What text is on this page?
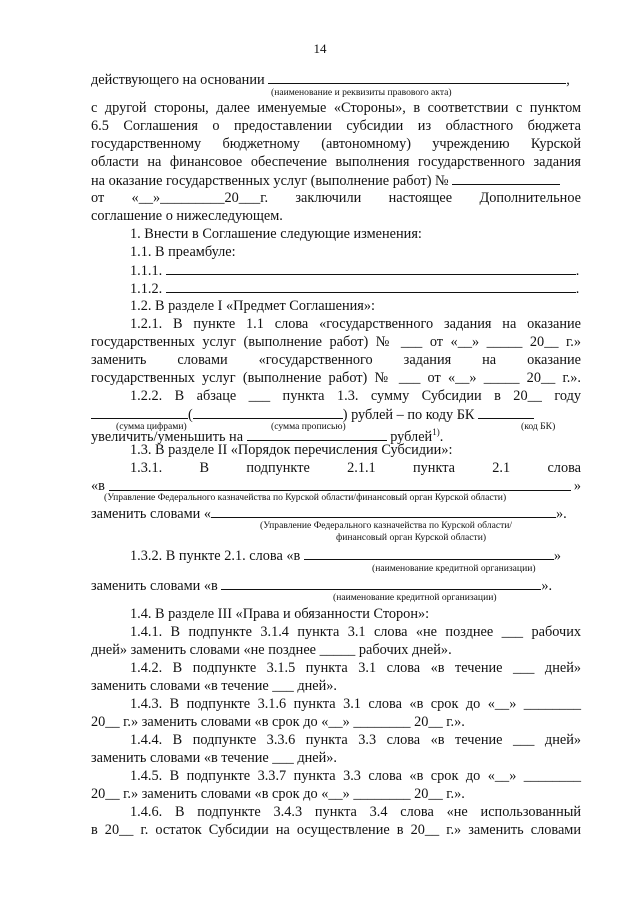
14
действующего на основании	,
(наименование и реквизиты правового акта)
с другой стороны, далее именуемые «Стороны», в соответствии с пунктом
6.5 Соглашения о предоставлении субсидии из областного бюджета
государственному бюджетному (автономному) учреждению Курской
области на финансовое обеспечение выполнения государственного задания
на оказание государственных услуг (выполнение работ) №
от «__»_________20___г. заключили настоящее Дополнительное
соглашение о нижеследующем.
1. Внести в Соглашение следующие изменения:
1.1. В преамбуле:
1.1.1.	.
1.1.2.	.
1.2. В разделе I «Предмет Соглашения»:
1.2.1. В пункте 1.1 слова «государственного задания на оказание
государственных услуг (выполнение работ) № ___ от «__» _____ 20__ г.»
заменить словами «государственного задания на оказание
государственных услуг (выполнение работ) № ___ от «__» _____ 20__ г.».
1.2.2. В абзаце ___ пункта 1.3. сумму Субсидии в 20__ году
(	) рублей – по коду БК
(сумма цифрами)	(сумма прописью)	(код БК)
увеличить/уменьшить на	рублей$^{1)}$.
1.3. В разделе II «Порядок перечисления Субсидии»:
1.3.1. В подпункте 2.1.1 пункта 2.1 слова
«в	»
(Управление Федерального казначейства по Курской области/финансовый орган Курской области)
заменить словами «	».
(Управление Федерального казначейства по Курской области/
финансовый орган Курской области)
1.3.2. В пункте 2.1. слова «в	»
(наименование кредитной организации)
заменить словами «в	».
(наименование кредитной организации)
1.4. В разделе III «Права и обязанности Сторон»:
1.4.1. В подпункте 3.1.4 пункта 3.1 слова «не позднее ___ рабочих
дней» заменить словами «не позднее _____ рабочих дней».
1.4.2. В подпункте 3.1.5 пункта 3.1 слова «в течение ___ дней»
заменить словами «в течение ___ дней».
1.4.3. В подпункте 3.1.6 пункта 3.1 слова «в срок до «__» ________
20__ г.» заменить словами «в срок до «__» ________ 20__ г.».
1.4.4. В подпункте 3.3.6 пункта 3.3 слова «в течение ___ дней»
заменить словами «в течение ___ дней».
1.4.5. В подпункте 3.3.7 пункта 3.3 слова «в срок до «__» ________
20__ г.» заменить словами «в срок до «__» ________ 20__ г.».
1.4.6. В подпункте 3.4.3 пункта 3.4 слова «не использованный
в 20__ г. остаток Субсидии на осуществление в 20__ г.» заменить словами
